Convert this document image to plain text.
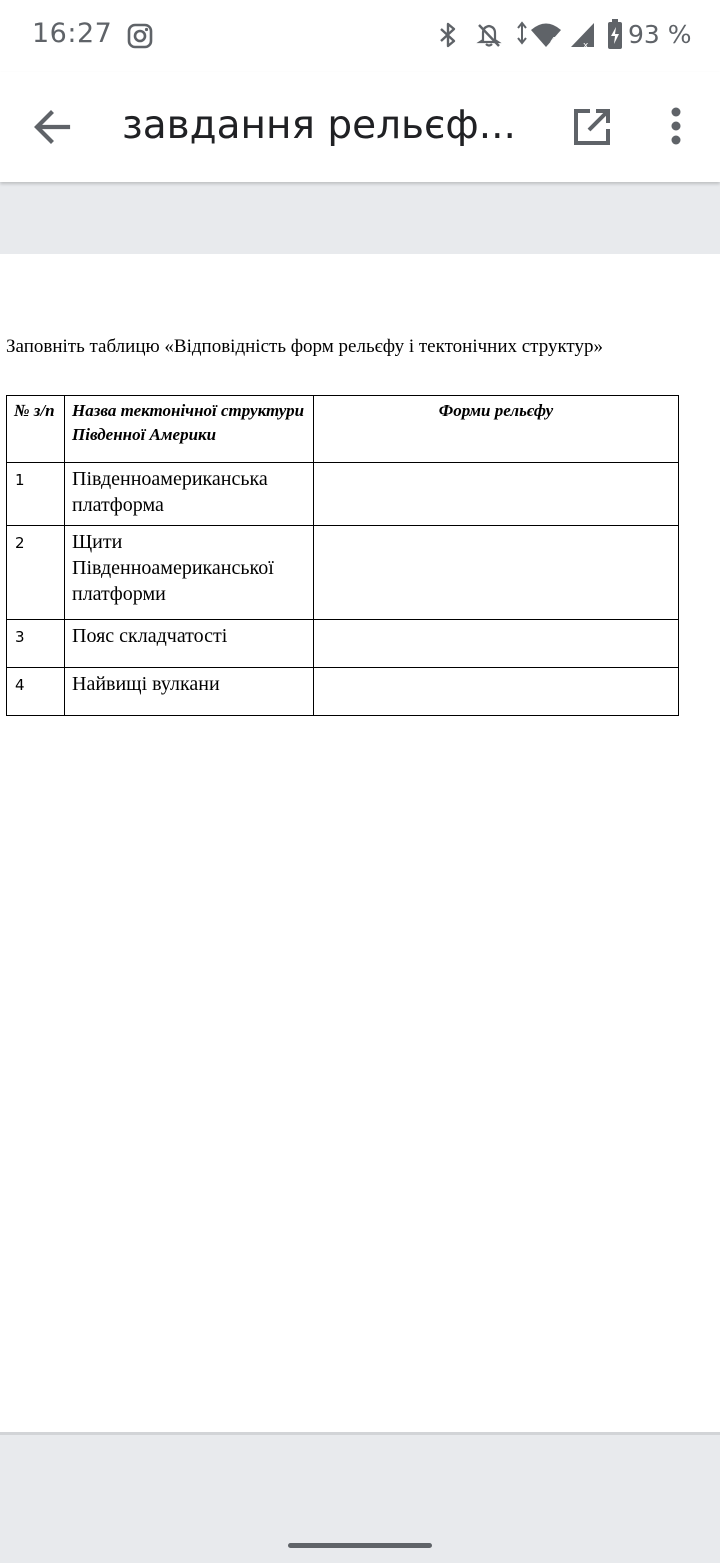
16:27	4	x 93 %
завдання рельєф...
Заповніть таблицю «Відповідність форм рельєфу і тектонічних структур»
№ з/п	Назва тектонічної структури Південної Америки	Форми рельєфу
1	Південноамериканська платформа	
2	Щити Південноамериканської платформи	
3	Пояс складчатості	
4	Найвищі вулкани	
